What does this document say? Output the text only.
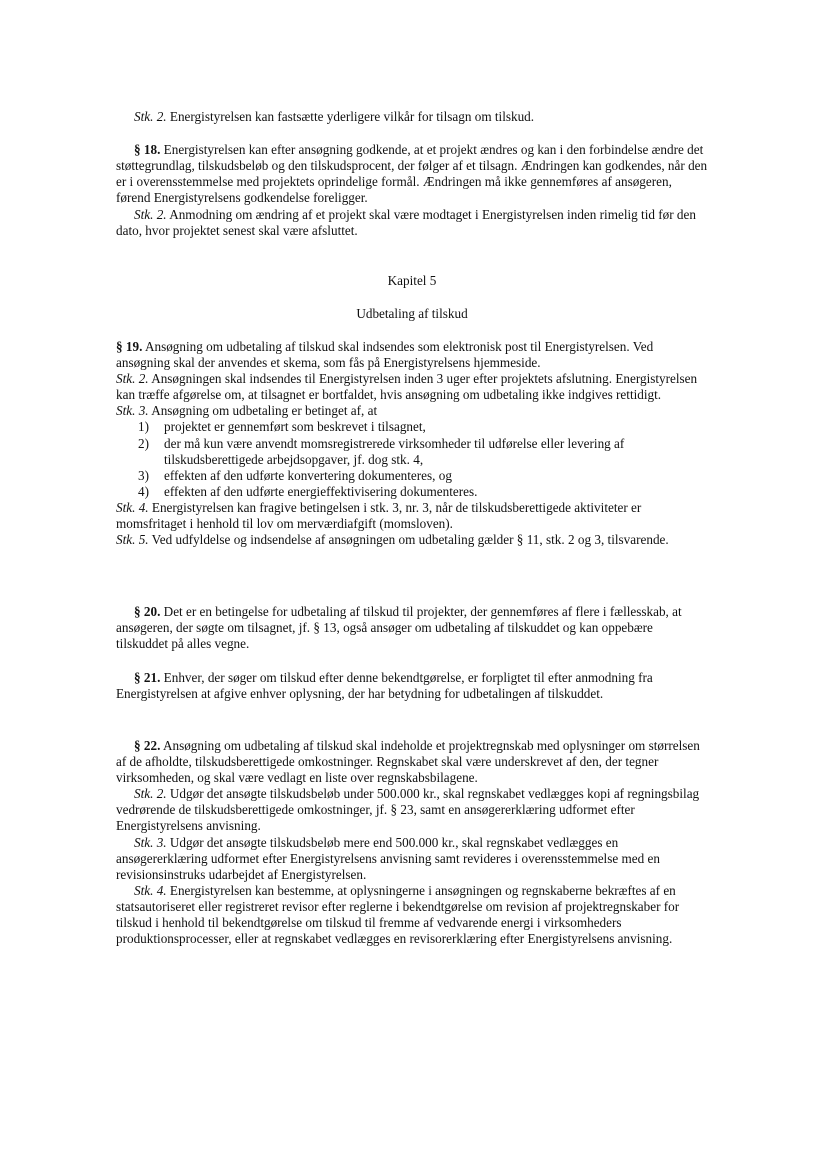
Stk. 2. Energistyrelsen kan fastsætte yderligere vilkår for tilsagn om tilskud.

§ 18. Energistyrelsen kan efter ansøgning godkende, at et projekt ændres og kan i den forbindelse ændre det støttegrundlag, tilskudsbeløb og den tilskudsprocent, der følger af et tilsagn. Ændringen kan godkendes, når den er i overensstemmelse med projektets oprindelige formål. Ændringen må ikke gennemføres af ansøgeren, førend Energistyrelsens godkendelse foreligger.

Stk. 2. Anmodning om ændring af et projekt skal være modtaget i Energistyrelsen inden rimelig tid før den dato, hvor projektet senest skal være afsluttet.

Kapitel 5

Udbetaling af tilskud

§ 19. Ansøgning om udbetaling af tilskud skal indsendes som elektronisk post til Energistyrelsen. Ved ansøgning skal der anvendes et skema, som fås på Energistyrelsens hjemmeside.

Stk. 2. Ansøgningen skal indsendes til Energistyrelsen inden 3 uger efter projektets afslutning. Energistyrelsen kan træffe afgørelse om, at tilsagnet er bortfaldet, hvis ansøgning om udbetaling ikke indgives rettidigt.

Stk. 3. Ansøgning om udbetaling er betinget af, at

1) projektet er gennemført som beskrevet i tilsagnet,
2) der må kun være anvendt momsregistrerede virksomheder til udførelse eller levering af tilskudsberettigede arbejdsopgaver, jf. dog stk. 4,
3) effekten af den udførte konvertering dokumenteres, og
4) effekten af den udførte energieffektivisering dokumenteres.

Stk. 4. Energistyrelsen kan fragive betingelsen i stk. 3, nr. 3, når de tilskudsberettigede aktiviteter er momsfritaget i henhold til lov om merværdiafgift (momsloven).

Stk. 5. Ved udfyldelse og indsendelse af ansøgningen om udbetaling gælder § 11, stk. 2 og 3, tilsvarende.

§ 20. Det er en betingelse for udbetaling af tilskud til projekter, der gennemføres af flere i fællesskab, at ansøgeren, der søgte om tilsagnet, jf. § 13, også ansøger om udbetaling af tilskuddet og kan oppebære tilskuddet på alles vegne.

§ 21. Enhver, der søger om tilskud efter denne bekendtgørelse, er forpligtet til efter anmodning fra Energistyrelsen at afgive enhver oplysning, der har betydning for udbetalingen af tilskuddet.

§ 22. Ansøgning om udbetaling af tilskud skal indeholde et projektregnskab med oplysninger om størrelsen af de afholdte, tilskudsberettigede omkostninger. Regnskabet skal være underskrevet af den, der tegner virksomheden, og skal være vedlagt en liste over regnskabsbilagene.

Stk. 2. Udgør det ansøgte tilskudsbeløb under 500.000 kr., skal regnskabet vedlægges kopi af regningsbilag vedrørende de tilskudsberettigede omkostninger, jf. § 23, samt en ansøgererklæring udformet efter Energistyrelsens anvisning.

Stk. 3. Udgør det ansøgte tilskudsbeløb mere end 500.000 kr., skal regnskabet vedlægges en ansøgererklæring udformet efter Energistyrelsens anvisning samt revideres i overensstemmelse med en revisionsinstruks udarbejdet af Energistyrelsen.

Stk. 4. Energistyrelsen kan bestemme, at oplysningerne i ansøgningen og regnskaberne bekræftes af en statsautoriseret eller registreret revisor efter reglerne i bekendtgørelse om revision af projektregnskaber for tilskud i henhold til bekendtgørelse om tilskud til fremme af vedvarende energi i virksomheders produktionsprocesser, eller at regnskabet vedlægges en revisorerklæring efter Energistyrelsens anvisning.
